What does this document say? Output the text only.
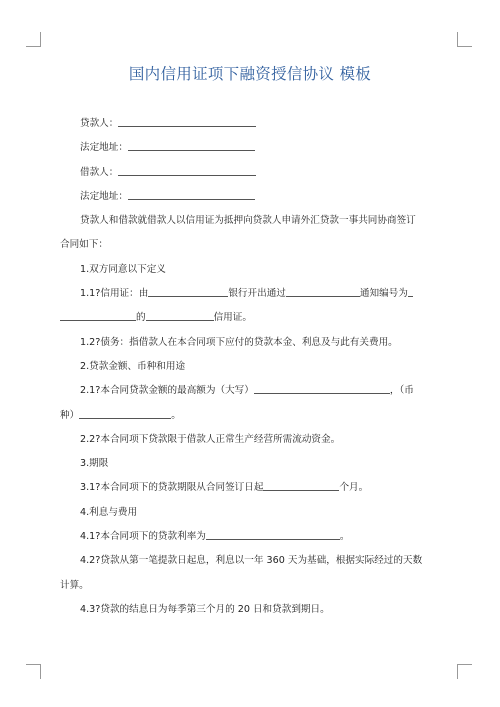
国内信用证项下融资授信协议 模板
贷款人：
法定地址：
借款人：
法定地址：
贷款人和借款就借款人以信用证为抵押向贷款人申请外汇贷款一事共同协商签订
合同如下：
1.双方同意以下定义
1.1?信用证：由	银行开出通过	通知编号为
的	信用证。
1.2?债务：指借款人在本合同项下应付的贷款本金、利息及与此有关费用。
2.贷款金额、币种和用途
2.1?本合同贷款金额的最高额为（大写）	，（币
种）	。
2.2?本合同项下贷款限于借款人正常生产经营所需流动资金。
3.期限
3.1?本合同项下的贷款期限从合同签订日起	个月。
4.利息与费用
4.1?本合同项下的贷款利率为	。
4.2?贷款从第一笔提款日起息，利息以一年 360 天为基础，根据实际经过的天数
计算。
4.3?贷款的结息日为每季第三个月的 20 日和贷款到期日。
